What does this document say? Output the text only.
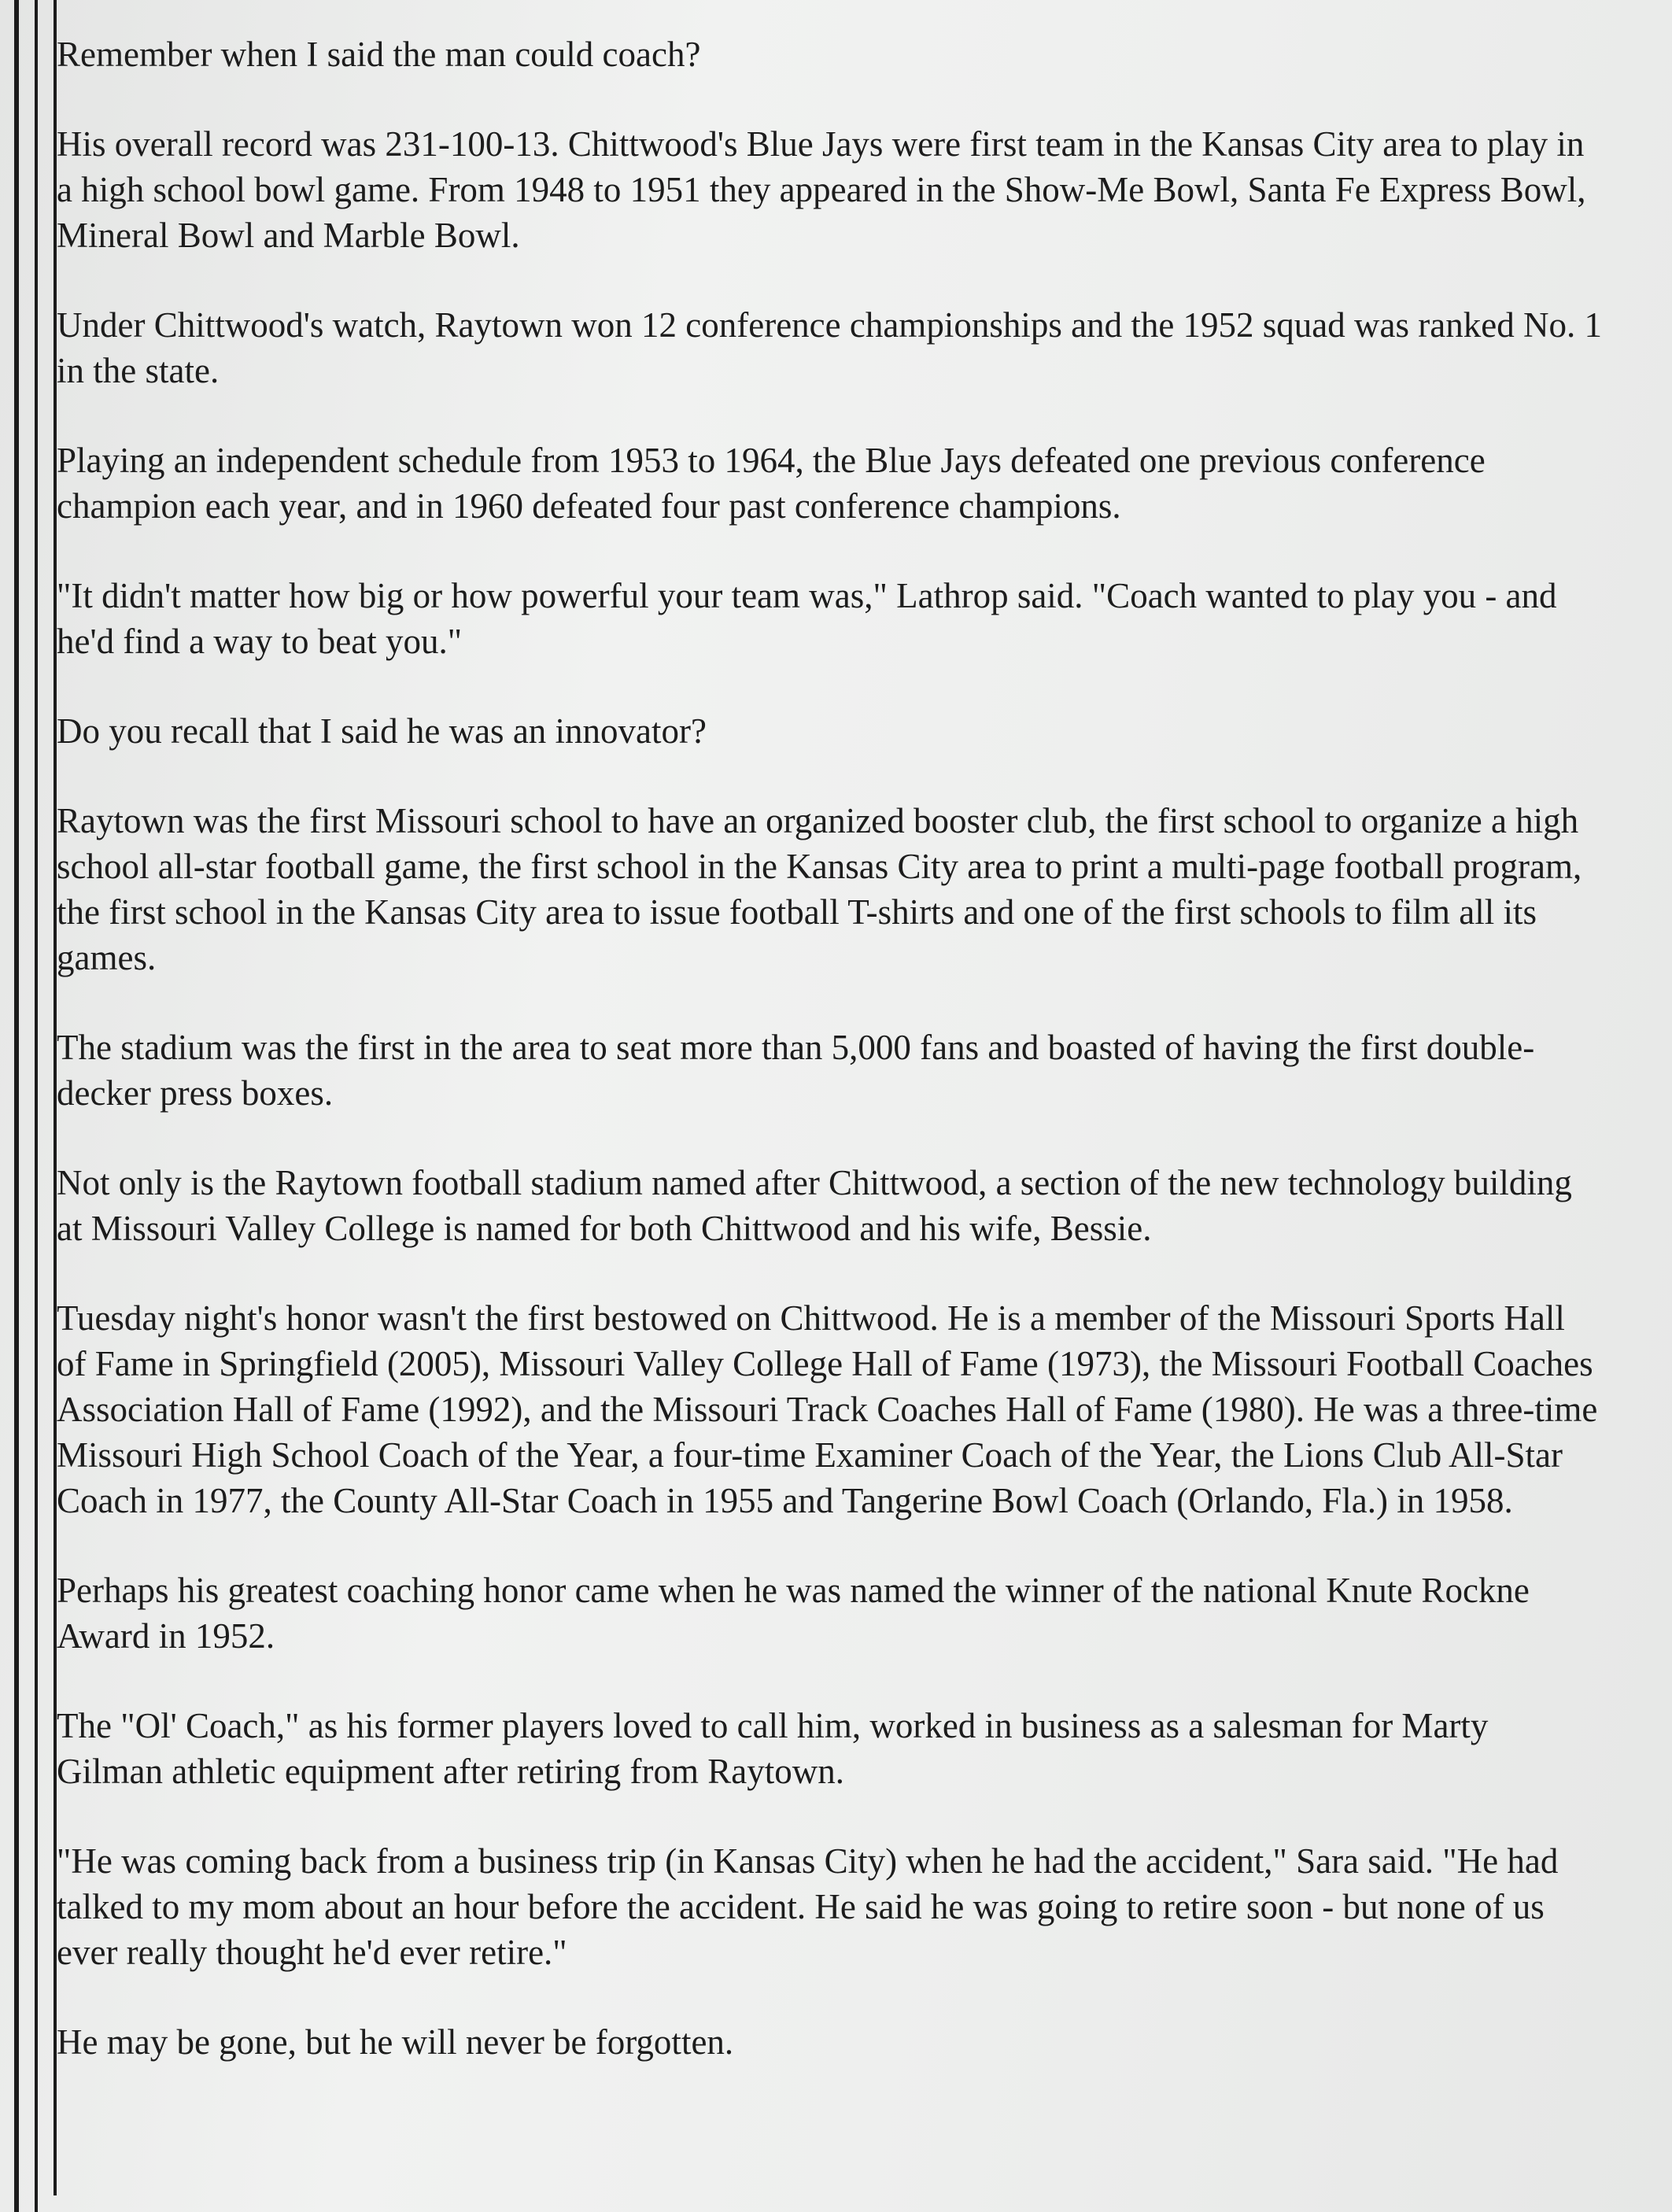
Remember when I said the man could coach?

His overall record was 231-100-13. Chittwood's Blue Jays were first team in the Kansas City area to play in a high school bowl game. From 1948 to 1951 they appeared in the Show-Me Bowl, Santa Fe Express Bowl, Mineral Bowl and Marble Bowl.

Under Chittwood's watch, Raytown won 12 conference championships and the 1952 squad was ranked No. 1 in the state.

Playing an independent schedule from 1953 to 1964, the Blue Jays defeated one previous conference champion each year, and in 1960 defeated four past conference champions.

"It didn't matter how big or how powerful your team was," Lathrop said. "Coach wanted to play you - and he'd find a way to beat you."

Do you recall that I said he was an innovator?

Raytown was the first Missouri school to have an organized booster club, the first school to organize a high school all-star football game, the first school in the Kansas City area to print a multi-page football program, the first school in the Kansas City area to issue football T-shirts and one of the first schools to film all its games.

The stadium was the first in the area to seat more than 5,000 fans and boasted of having the first double-decker press boxes.

Not only is the Raytown football stadium named after Chittwood, a section of the new technology building at Missouri Valley College is named for both Chittwood and his wife, Bessie.

Tuesday night's honor wasn't the first bestowed on Chittwood. He is a member of the Missouri Sports Hall of Fame in Springfield (2005), Missouri Valley College Hall of Fame (1973), the Missouri Football Coaches Association Hall of Fame (1992), and the Missouri Track Coaches Hall of Fame (1980). He was a three-time Missouri High School Coach of the Year, a four-time Examiner Coach of the Year, the Lions Club All-Star Coach in 1977, the County All-Star Coach in 1955 and Tangerine Bowl Coach (Orlando, Fla.) in 1958.

Perhaps his greatest coaching honor came when he was named the winner of the national Knute Rockne Award in 1952.

The "Ol' Coach," as his former players loved to call him, worked in business as a salesman for Marty Gilman athletic equipment after retiring from Raytown.

"He was coming back from a business trip (in Kansas City) when he had the accident," Sara said. "He had talked to my mom about an hour before the accident. He said he was going to retire soon - but none of us ever really thought he'd ever retire."

He may be gone, but he will never be forgotten.
